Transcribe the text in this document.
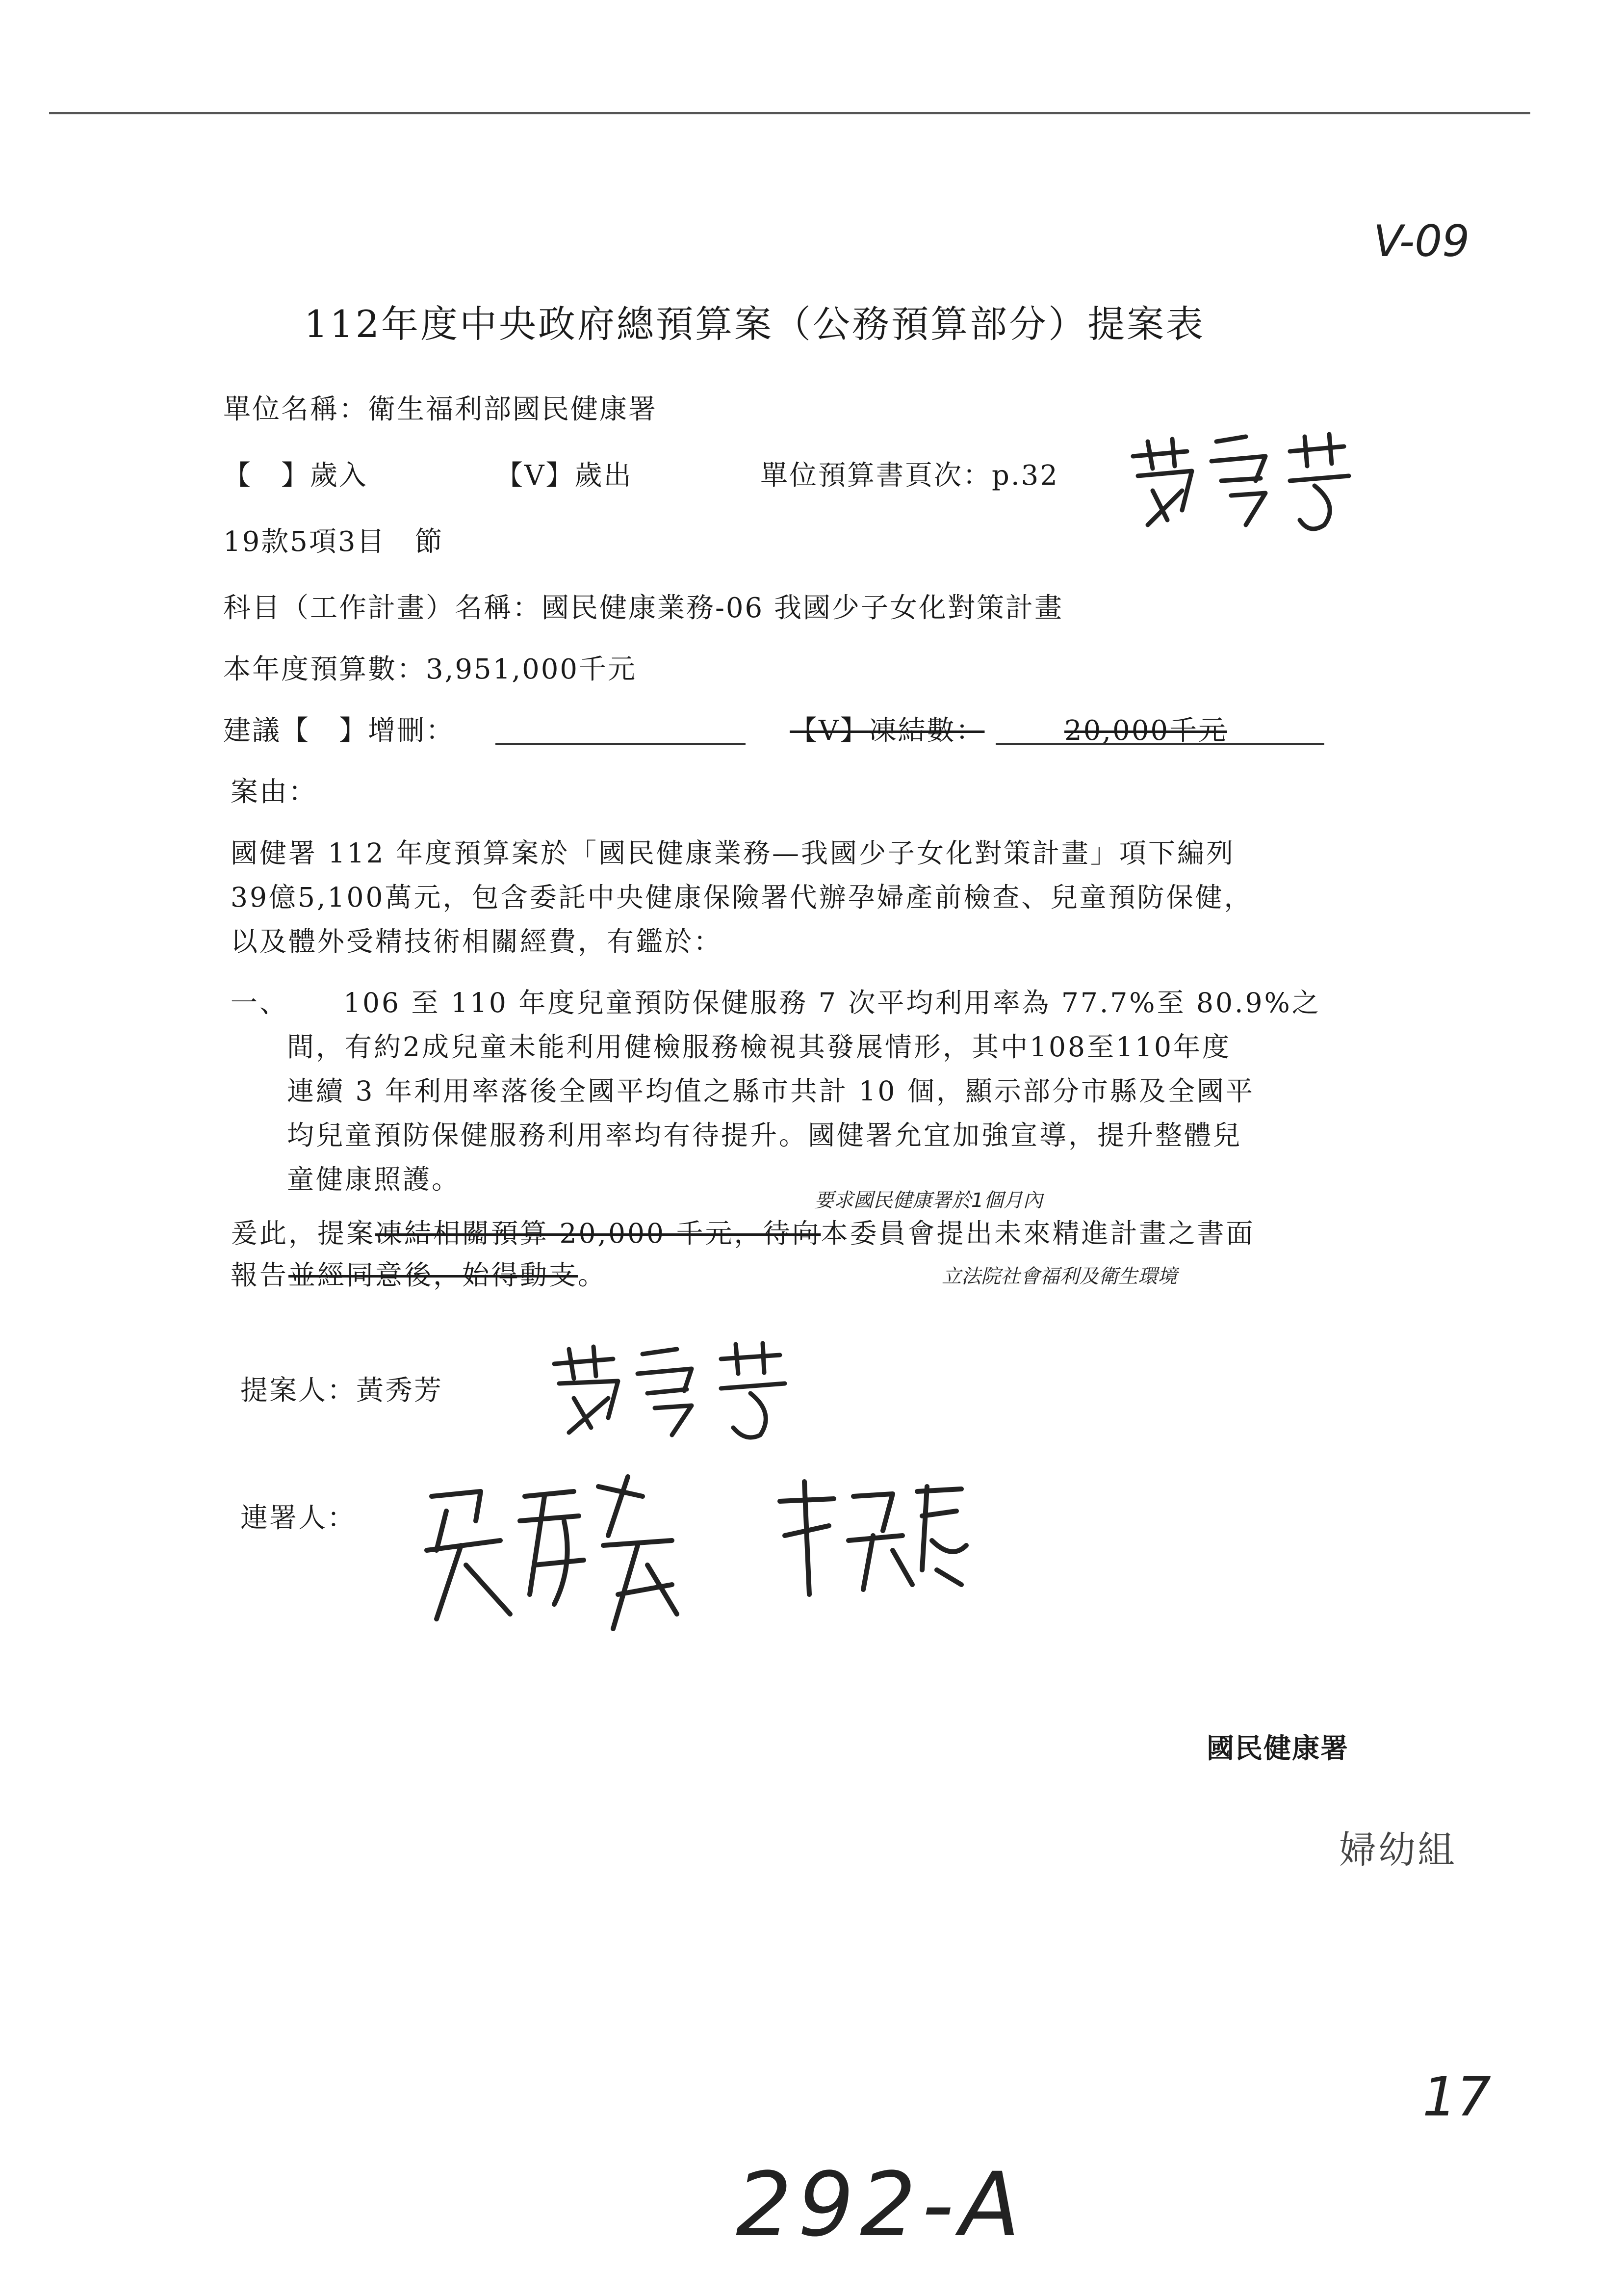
V-09
112年度中央政府總預算案（公務預算部分）提案表
單位名稱：衛生福利部國民健康署
【　】歲入	【V】歲出	單位預算書頁次：p.32
19款5項3目　節
科目（工作計畫）名稱：國民健康業務-06 我國少子女化對策計畫
本年度預算數：3,951,000千元
建議【　】增刪：	【V】凍結數：	20,000千元
案由：
國健署 112 年度預算案於「國民健康業務—我國少子女化對策計畫」項下編列
39億5,100萬元，包含委託中央健康保險署代辦孕婦產前檢查、兒童預防保健，
以及體外受精技術相關經費，有鑑於：
一、 106 至 110 年度兒童預防保健服務 7 次平均利用率為 77.7%至 80.9%之
間，有約2成兒童未能利用健檢服務檢視其發展情形，其中108至110年度
連續 3 年利用率落後全國平均值之縣市共計 10 個，顯示部分市縣及全國平
均兒童預防保健服務利用率均有待提升。國健署允宜加強宣導，提升整體兒
童健康照護。
要求國民健康署於1個月內
爰此，提案凍結相關預算 20,000 千元，待向本委員會提出未來精進計畫之書面
報告並經同意後，始得動支。	立法院社會福利及衛生環境
提案人：黃秀芳
連署人：
國民健康署
婦幼組
17
292-A
